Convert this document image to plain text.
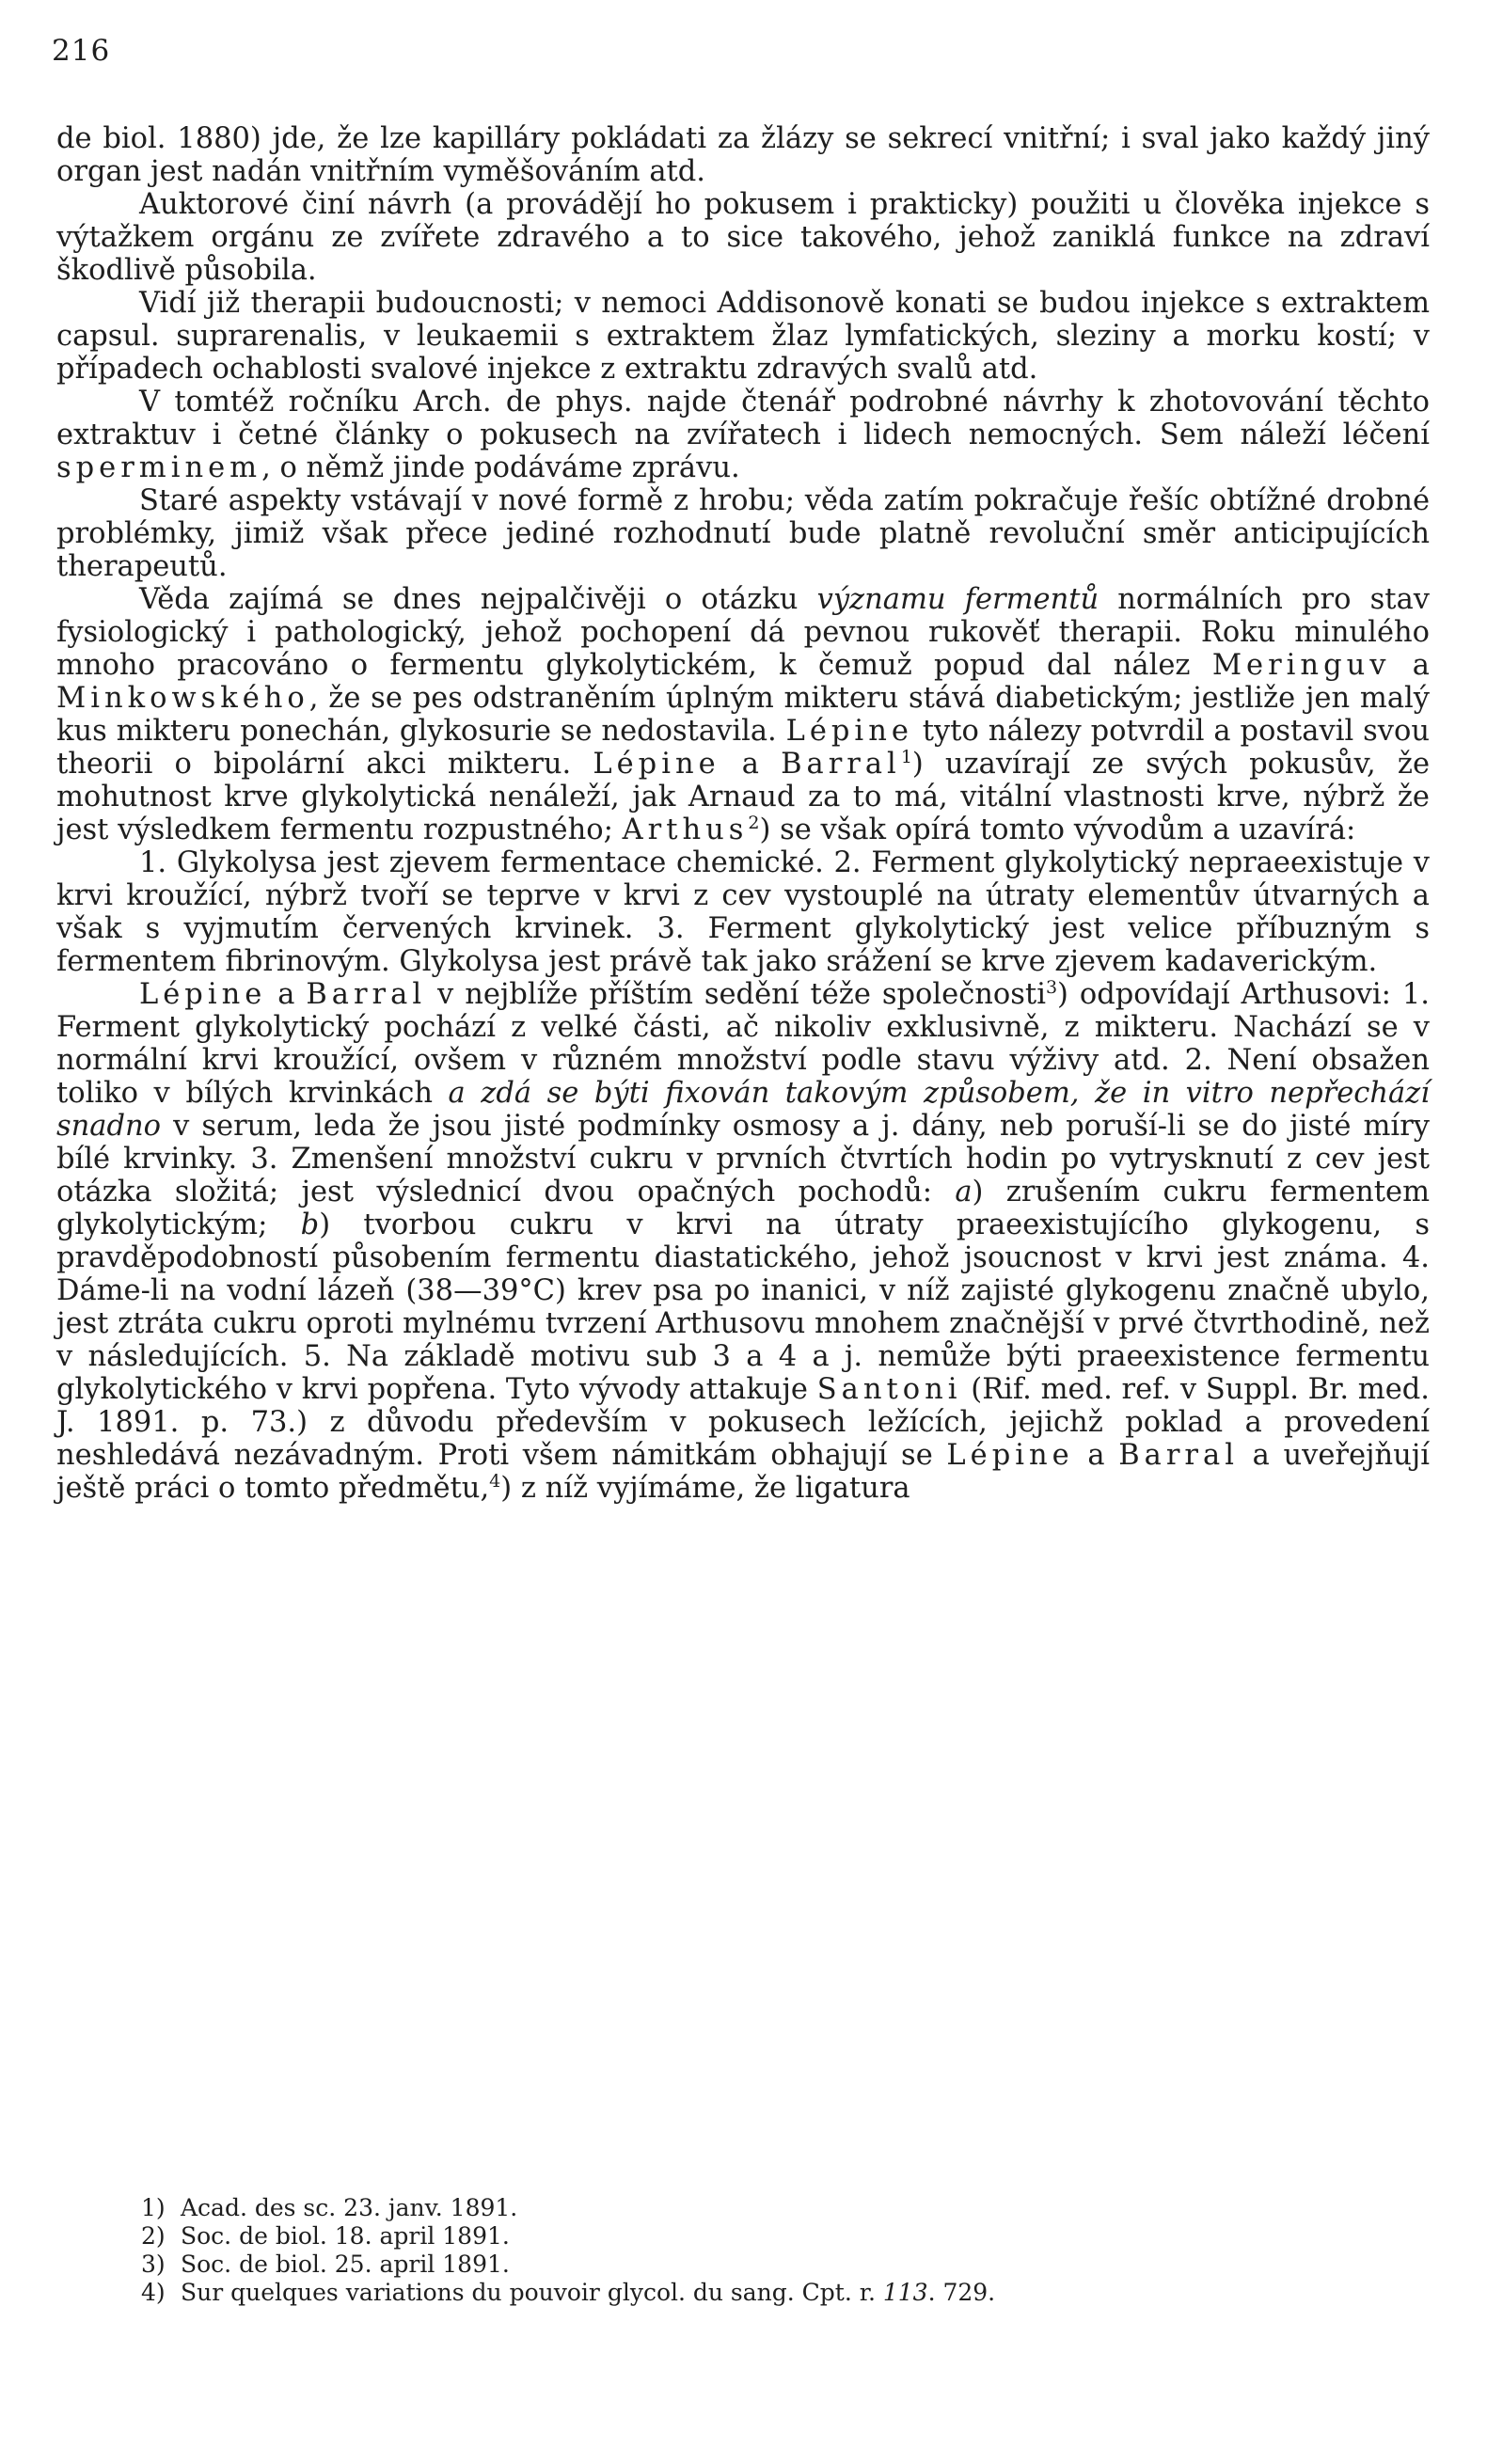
216

de biol. 1880) jde, že lze kapilláry pokládati za žlázy se sekrecí vnitřní; i sval jako každý jiný organ jest nadán vnitřním vyměšováním atd.

Auktorové činí návrh (a provádějí ho pokusem i prakticky) použiti u člověka injekce s výtažkem orgánu ze zvířete zdravého a to sice takového, jehož zaniklá funkce na zdraví škodlivě působila.

Vidí již therapii budoucnosti; v nemoci Addisonově konati se budou injekce s extraktem capsul. suprarenalis, v leukaemii s extraktem žlaz lymfatických, sleziny a morku kostí; v případech ochablosti svalové injekce z extraktu zdravých svalů atd.

V tomtéž ročníku Arch. de phys. najde čtenář podrobné návrhy k zhotovování těchto extraktuv i četné články o pokusech na zvířatech i lidech nemocných. Sem náleží léčení sperminem, o němž jinde podáváme zprávu.

Staré aspekty vstávají v nové formě z hrobu; věda zatím pokračuje řešíc obtížné drobné problémky, jimiž však přece jediné rozhodnutí bude platně revoluční směr anticipujících therapeutů.

Věda zajímá se dnes nejpalčivěji o otázku významu fermentů normálních pro stav fysiologický i pathologický, jehož pochopení dá pevnou rukověť therapii. Roku minulého mnoho pracováno o fermentu glykolytickém, k čemuž popud dal nález Meringuv a Minkowského, že se pes odstraněním úplným mikteru stává diabetickým; jestliže jen malý kus mikteru ponechán, glykosurie se nedostavila. Lépine tyto nálezy potvrdil a postavil svou theorii o bipolární akci mikteru. Lépine a Barral$^1$) uzavírají ze svých pokusův, že mohutnost krve glykolytická nenáleží, jak Arnaud za to má, vitální vlastnosti krve, nýbrž že jest výsledkem fermentu rozpustného; Arthus$^2$) se však opírá tomto vývodům a uzavírá:

1. Glykolysa jest zjevem fermentace chemické. 2. Ferment glykolytický nepraeexistuje v krvi kroužící, nýbrž tvoří se teprve v krvi z cev vystouplé na útraty elementův útvarných a však s vyjmutím červených krvinek. 3. Ferment glykolytický jest velice příbuzným s fermentem fibrinovým. Glykolysa jest právě tak jako srážení se krve zjevem kadaverickým.

Lépine a Barral v nejblíže příštím sedění téže společnosti$^3$) odpovídají Arthusovi: 1. Ferment glykolytický pochází z velké části, ač nikoliv exklusivně, z mikteru. Nachází se v normální krvi kroužící, ovšem v různém množství podle stavu výživy atd. 2. Není obsažen toliko v bílých krvinkách a zdá se býti fixován takovým způsobem, že in vitro nepřechází snadno v serum, leda že jsou jisté podmínky osmosy a j. dány, neb poruší-li se do jisté míry bílé krvinky. 3. Zmenšení množství cukru v prvních čtvrtích hodin po vytrysknutí z cev jest otázka složitá; jest výslednicí dvou opačných pochodů: a) zrušením cukru fermentem glykolytickým; b) tvorbou cukru v krvi na útraty praeexistujícího glykogenu, s pravděpodobností působením fermentu diastatického, jehož jsoucnost v krvi jest známa. 4. Dáme-li na vodní lázeň (38—39°C) krev psa po inanici, v níž zajisté glykogenu značně ubylo, jest ztráta cukru oproti mylnému tvrzení Arthusovu mnohem značnější v prvé čtvrthodině, než v následujících. 5. Na základě motivu sub 3 a 4 a j. nemůže býti praeexistence fermentu glykolytického v krvi popřena. Tyto vývody attakuje Santoni (Rif. med. ref. v Suppl. Br. med. J. 1891. p. 73.) z důvodu především v pokusech ležících, jejichž poklad a provedení neshledává nezávadným. Proti všem námitkám obhajují se Lépine a Barral a uveřejňují ještě práci o tomto předmětu,$^4$) z níž vyjímáme, že ligatura

1) Acad. des sc. 23. janv. 1891.

2) Soc. de biol. 18. april 1891.

3) Soc. de biol. 25. april 1891.

4) Sur quelques variations du pouvoir glycol. du sang. Cpt. r. 113. 729.
